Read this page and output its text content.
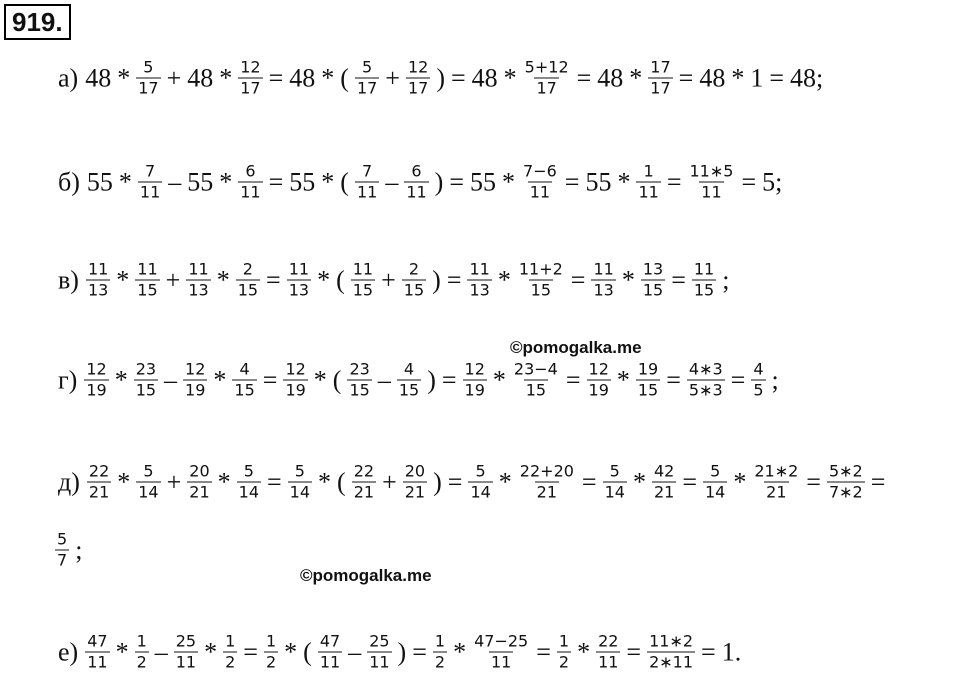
919.
а) $48 * \frac{5}{17} + 48 * \frac{12}{17} = 48$ * ( $\frac{5}{17} + \frac{12}{17}$ ) = $48 * \frac{5+12}{17} = 48 * \frac{17}{17} = 48 * 1 = 48$;
б) $55 * \frac{7}{11} - 55 * \frac{6}{11} = 55$ * ( $\frac{7}{11} - \frac{6}{11}$ ) = $55 * \frac{7-6}{11} = 55 * \frac{1}{11} = \frac{11∗5}{11} = 5$;
$в) \frac{11}{13} * \frac{11}{15} + \frac{11}{13} * \frac{2}{15} = \frac{11}{13}$ * ( $\frac{11}{15} + \frac{2}{15}$ ) = $\frac{11}{13} * \frac{11+2}{15} = \frac{11}{13} * \frac{13}{15} = \frac{11}{15}$ ;
$г) \frac{12}{19} * \frac{23}{15} - \frac{12}{19} * \frac{4}{15} = \frac{12}{19}$ * ( $\frac{23}{15} - \frac{4}{15}$ ) = $\frac{12}{19} * \frac{23-4}{15} = \frac{12}{19} * \frac{19}{15} = \frac{4∗3}{5∗3} = \frac{4}{5}$ ;
$д) \frac{22}{21} * \frac{5}{14} + \frac{20}{21} * \frac{5}{14} = \frac{5}{14}$ * ( $\frac{22}{21} + \frac{20}{21}$ ) = $\frac{5}{14} * \frac{22+20}{21} = \frac{5}{14} * \frac{42}{21} = \frac{5}{14} * \frac{21∗2}{21} = \frac{5∗2}{7∗2}$ =
$\frac{5}{7}$ ;
$е) \frac{47}{11} * \frac{1}{2} - \frac{25}{11} * \frac{1}{2} = \frac{1}{2}$ * ( $\frac{47}{11} - \frac{25}{11}$ ) = $\frac{1}{2} * \frac{47-25}{11} = \frac{1}{2} * \frac{22}{11} = \frac{11∗2}{2∗11} = 1$.
©pomogalka.me
©pomogalka.me
